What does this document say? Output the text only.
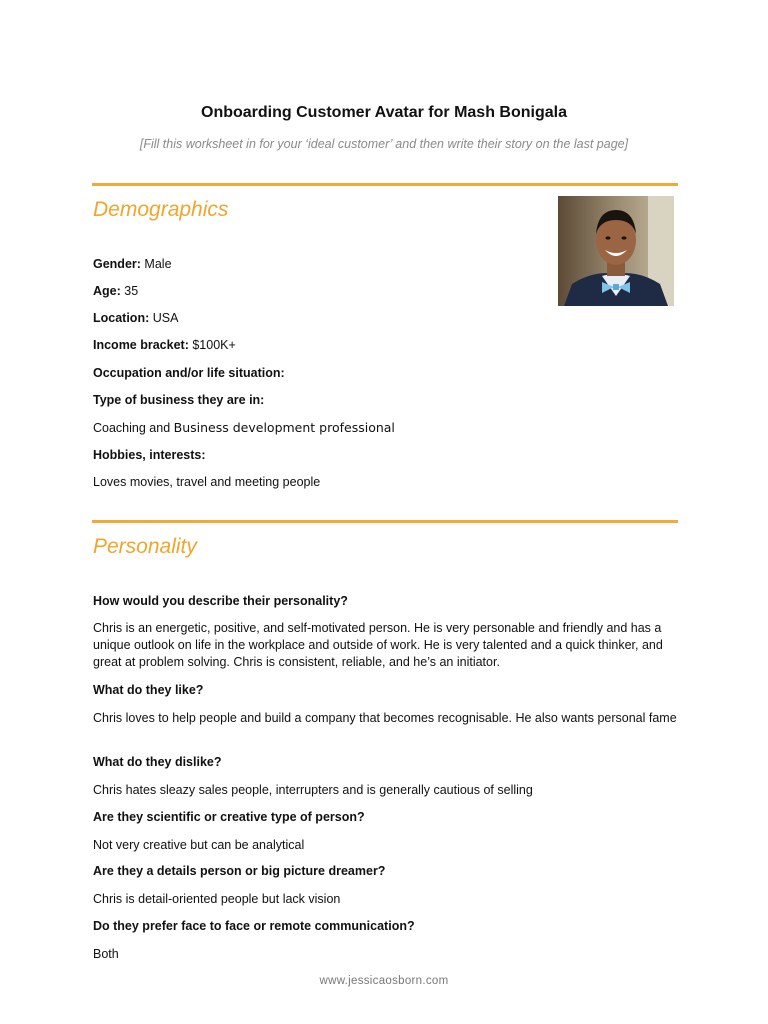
Onboarding Customer Avatar for Mash Bonigala
[Fill this worksheet in for your ‘ideal customer’ and then write their story on the last page]
Demographics
Gender: Male
Age: 35
Location: USA
Income bracket: $100K+
Occupation and/or life situation:
Type of business they are in:
Coaching and Business development professional
Hobbies, interests:
Loves movies, travel and meeting people
Personality
How would you describe their personality?
Chris is an energetic, positive, and self-motivated person. He is very personable and friendly and has a unique outlook on life in the workplace and outside of work. He is very talented and a quick thinker, and great at problem solving. Chris is consistent, reliable, and he’s an initiator.
What do they like?
Chris loves to help people and build a company that becomes recognisable. He also wants personal fame
What do they dislike?
Chris hates sleazy sales people, interrupters and is generally cautious of selling
Are they scientific or creative type of person?
Not very creative but can be analytical
Are they a details person or big picture dreamer?
Chris is detail-oriented people but lack vision
Do they prefer face to face or remote communication?
Both
www.jessicaosborn.com
